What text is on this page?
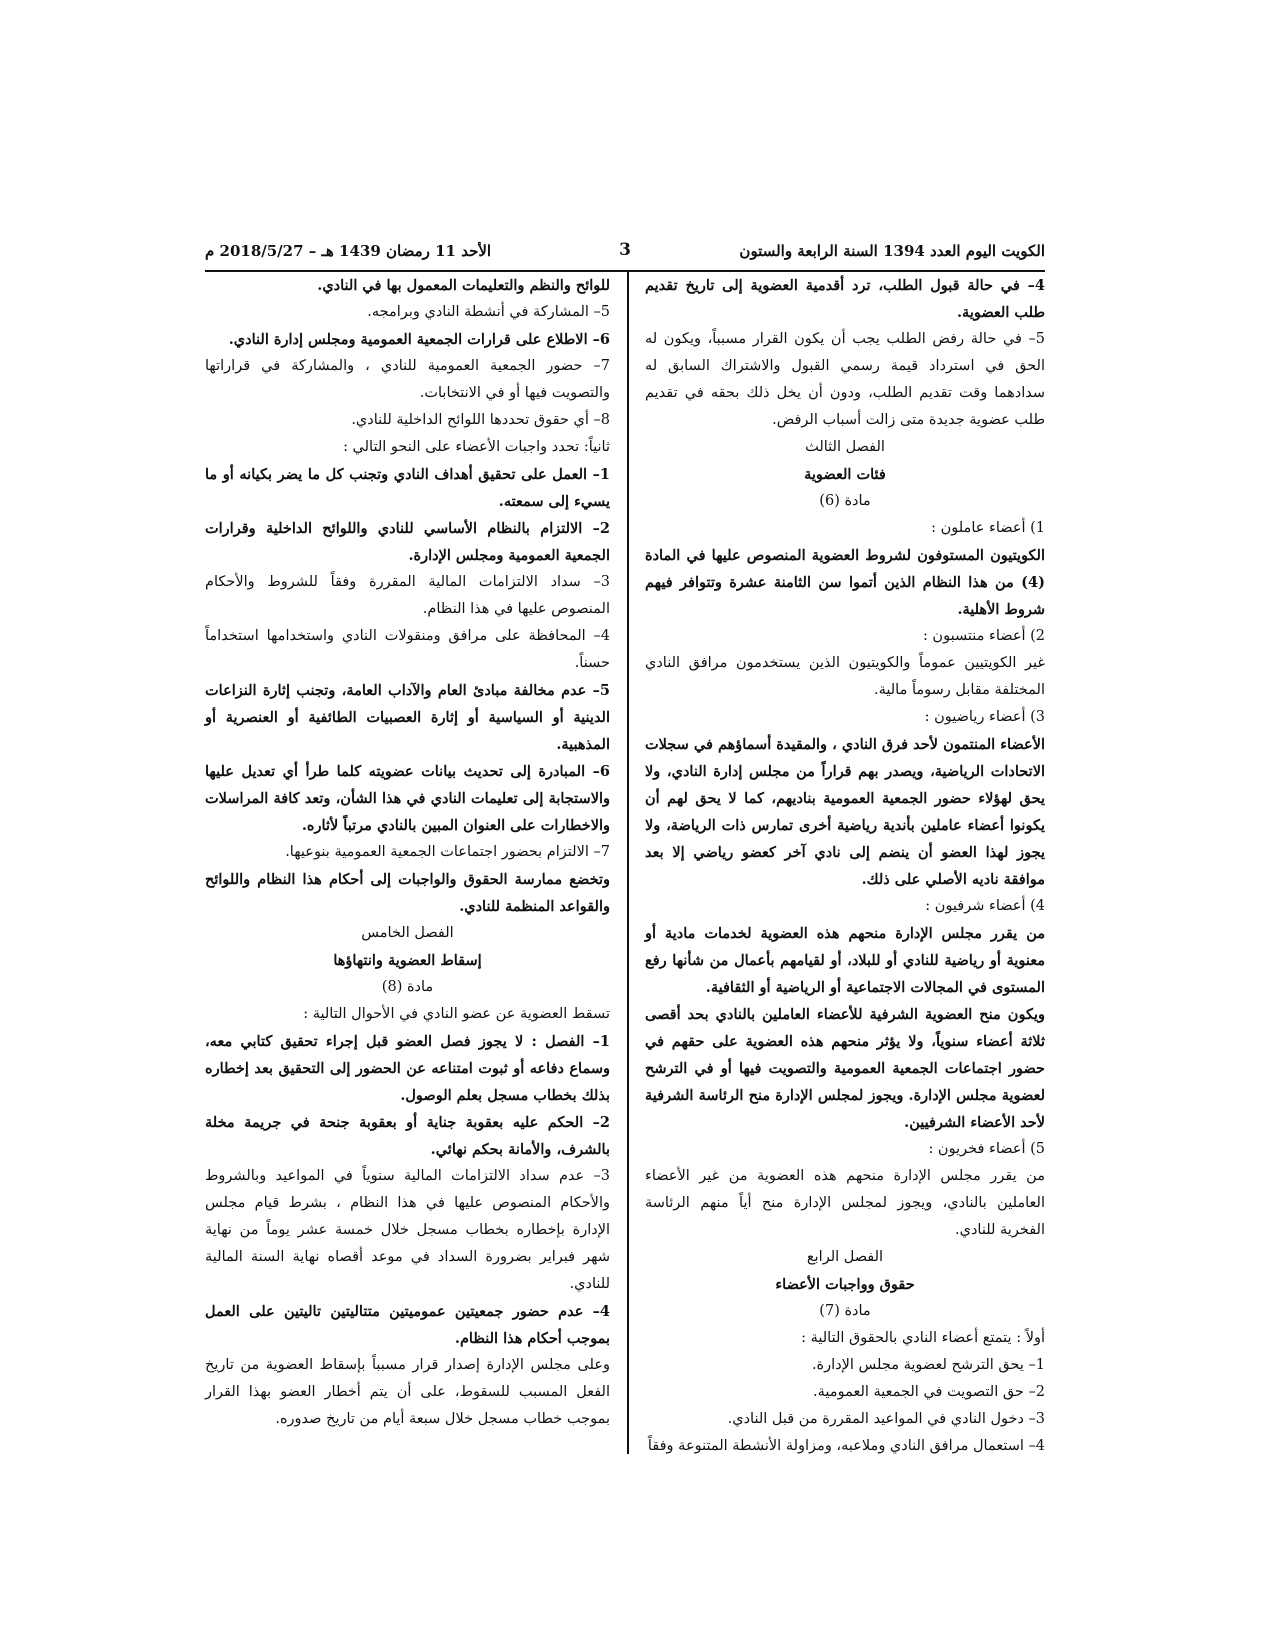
الكويت اليوم العدد 1394 السنة الرابعة والستون
3
الأحد 11 رمضان 1439 هـ – 2018/5/27 م

4– في حالة قبول الطلب، ترد أقدمية العضوية إلى تاريخ تقديم طلب العضوية.

5– في حالة رفض الطلب يجب أن يكون القرار مسبباً، ويكون له الحق في استرداد قيمة رسمي القبول والاشتراك السابق له سدادهما وقت تقديم الطلب، ودون أن يخل ذلك بحقه في تقديم طلب عضوية جديدة متى زالت أسباب الرفض.

الفصل الثالث

فئات العضوية

مادة (6)

1) أعضاء عاملون :

الكويتيون المستوفون لشروط العضوية المنصوص عليها في المادة (4) من هذا النظام الذين أتموا سن الثامنة عشرة وتتوافر فيهم شروط الأهلية.

2) أعضاء منتسبون :

غير الكويتيين عموماً والكويتيون الذين يستخدمون مرافق النادي المختلفة مقابل رسوماً مالية.

3) أعضاء رياضيون :

الأعضاء المنتمون لأحد فرق النادي ، والمقيدة أسماؤهم في سجلات الاتحادات الرياضية، ويصدر بهم قراراً من مجلس إدارة النادي، ولا يحق لهؤلاء حضور الجمعية العمومية بناديهم، كما لا يحق لهم أن يكونوا أعضاء عاملين بأندية رياضية أخرى تمارس ذات الرياضة، ولا يجوز لهذا العضو أن ينضم إلى نادي آخر كعضو رياضي إلا بعد موافقة ناديه الأصلي على ذلك.

4) أعضاء شرفيون :

من يقرر مجلس الإدارة منحهم هذه العضوية لخدمات مادية أو معنوية أو رياضية للنادي أو للبلاد، أو لقيامهم بأعمال من شأنها رفع المستوى في المجالات الاجتماعية أو الرياضية أو الثقافية.

ويكون منح العضوية الشرفية للأعضاء العاملين بالنادي بحد أقصى ثلاثة أعضاء سنوياً، ولا يؤثر منحهم هذه العضوية على حقهم في حضور اجتماعات الجمعية العمومية والتصويت فيها أو في الترشح لعضوية مجلس الإدارة. ويجوز لمجلس الإدارة منح الرئاسة الشرفية لأحد الأعضاء الشرفيين.

5) أعضاء فخريون :

من يقرر مجلس الإدارة منحهم هذه العضوية من غير الأعضاء العاملين بالنادي، ويجوز لمجلس الإدارة منح أياً منهم الرئاسة الفخرية للنادي.

الفصل الرابع

حقوق وواجبات الأعضاء

مادة (7)

أولاً : يتمتع أعضاء النادي بالحقوق التالية :

1– يحق الترشح لعضوية مجلس الإدارة.

2– حق التصويت في الجمعية العمومية.

3– دخول النادي في المواعيد المقررة من قبل النادي.

4– استعمال مرافق النادي وملاعبه، ومزاولة الأنشطة المتنوعة وفقاً

للوائح والنظم والتعليمات المعمول بها في النادي.

5– المشاركة في أنشطة النادي وبرامجه.

6– الاطلاع على قرارات الجمعية العمومية ومجلس إدارة النادي.

7– حضور الجمعية العمومية للنادي ، والمشاركة في قراراتها والتصويت فيها أو في الانتخابات.

8– أي حقوق تحددها اللوائح الداخلية للنادي.

ثانياً: تحدد واجبات الأعضاء على النحو التالي :

1– العمل على تحقيق أهداف النادي وتجنب كل ما يضر بكيانه أو ما يسيء إلى سمعته.

2– الالتزام بالنظام الأساسي للنادي واللوائح الداخلية وقرارات الجمعية العمومية ومجلس الإدارة.

3– سداد الالتزامات المالية المقررة وفقاً للشروط والأحكام المنصوص عليها في هذا النظام.

4– المحافظة على مرافق ومنقولات النادي واستخدامها استخداماً حسناً.

5– عدم مخالفة مبادئ العام والآداب العامة، وتجنب إثارة النزاعات الدينية أو السياسية أو إثارة العصبيات الطائفية أو العنصرية أو المذهبية.

6– المبادرة إلى تحديث بيانات عضويته كلما طرأ أي تعديل عليها والاستجابة إلى تعليمات النادي في هذا الشأن، وتعد كافة المراسلات والاخطارات على العنوان المبين بالنادي مرتباً لأثاره.

7– الالتزام بحضور اجتماعات الجمعية العمومية بنوعيها.

وتخضع ممارسة الحقوق والواجبات إلى أحكام هذا النظام واللوائح والقواعد المنظمة للنادي.

الفصل الخامس

إسقاط العضوية وانتهاؤها

مادة (8)

تسقط العضوية عن عضو النادي في الأحوال التالية :

1– الفصل : لا يجوز فصل العضو قبل إجراء تحقيق كتابي معه، وسماع دفاعه أو ثبوت امتناعه عن الحضور إلى التحقيق بعد إخطاره بذلك بخطاب مسجل بعلم الوصول.

2– الحكم عليه بعقوبة جناية أو بعقوبة جنحة في جريمة مخلة بالشرف، والأمانة بحكم نهائي.

3– عدم سداد الالتزامات المالية سنوياً في المواعيد وبالشروط والأحكام المنصوص عليها في هذا النظام ، بشرط قيام مجلس الإدارة بإخطاره بخطاب مسجل خلال خمسة عشر يوماً من نهاية شهر فبراير بضرورة السداد في موعد أقصاه نهاية السنة المالية للنادي.

4– عدم حضور جمعيتين عموميتين متتاليتين تاليتين على العمل بموجب أحكام هذا النظام.

وعلى مجلس الإدارة إصدار قرار مسبباً بإسقاط العضوية من تاريخ الفعل المسبب للسقوط، على أن يتم أخطار العضو بهذا القرار بموجب خطاب مسجل خلال سبعة أيام من تاريخ صدوره.
